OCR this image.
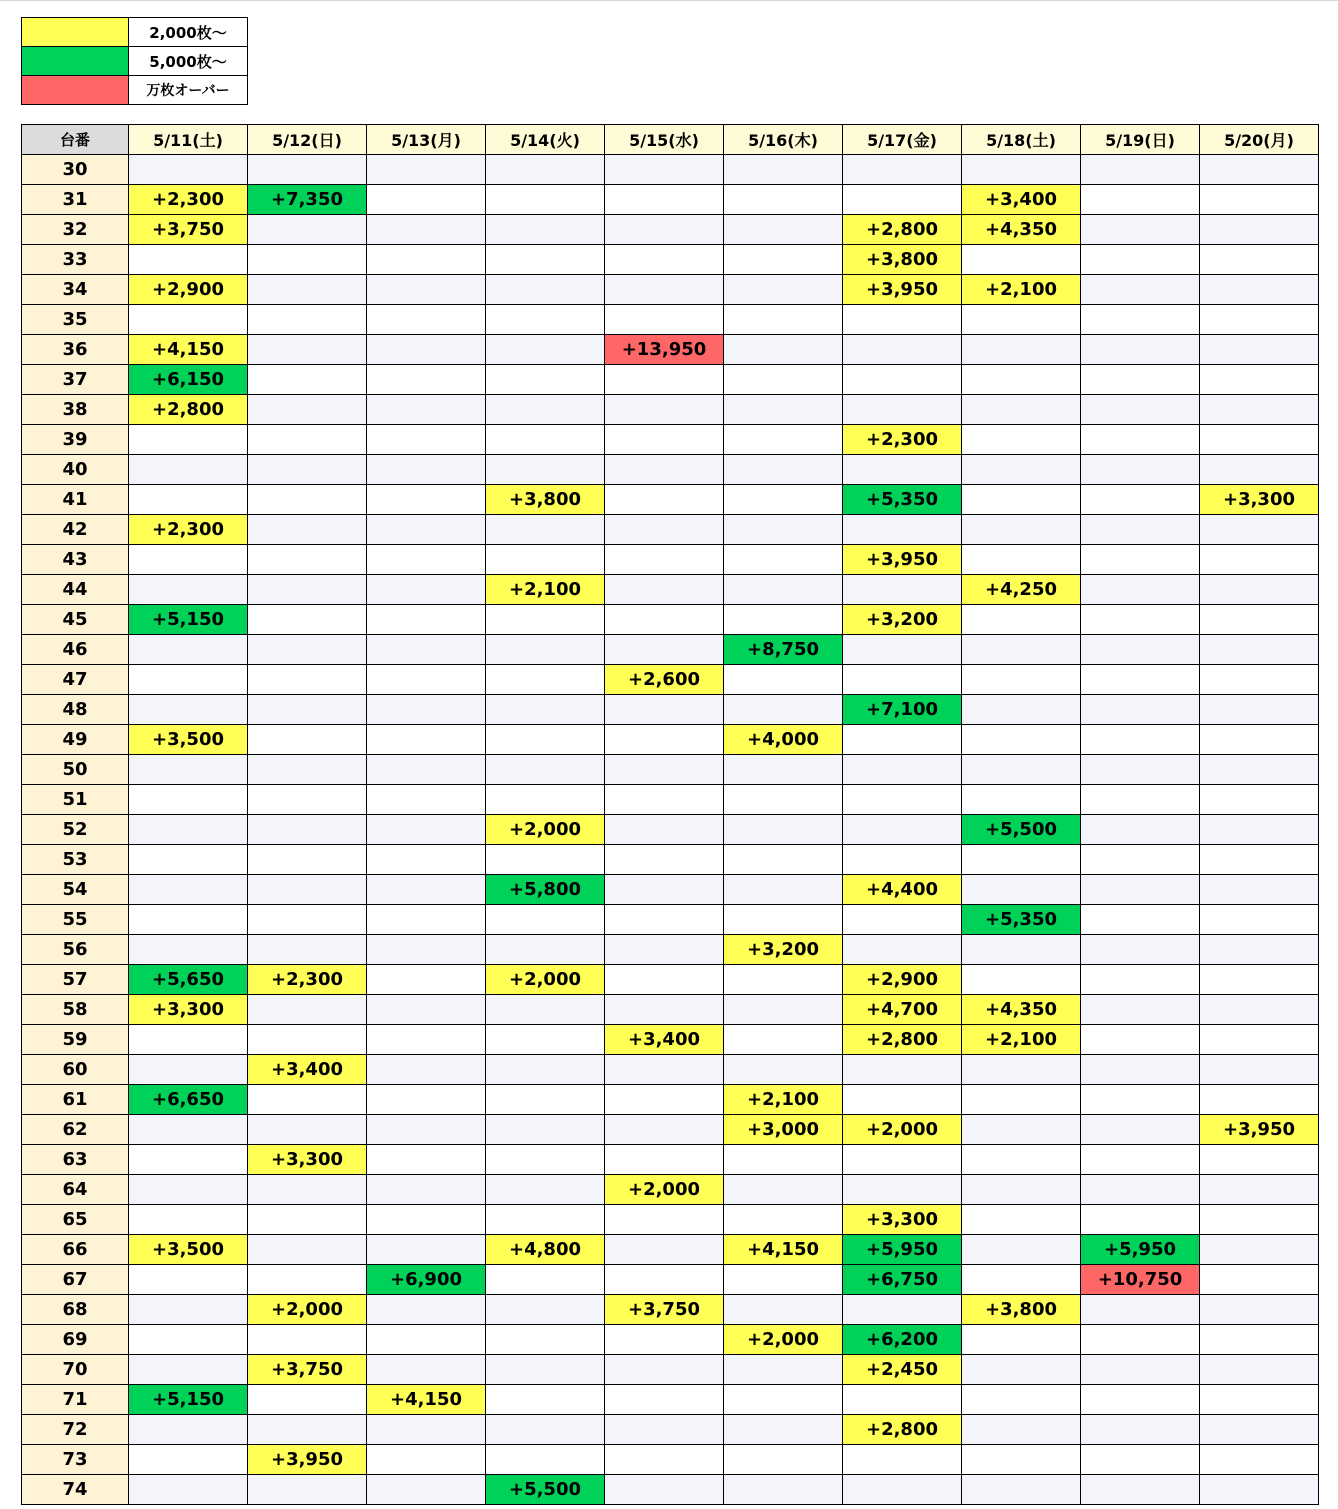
	2,000枚～
	5,000枚～
	万枚オーバー
台番	5/11(土)	5/12(日)	5/13(月)	5/14(火)	5/15(水)	5/16(木)	5/17(金)	5/18(土)	5/19(日)	5/20(月)
30										
31	+2,300	+7,350						+3,400		
32	+3,750						+2,800	+4,350		
33							+3,800			
34	+2,900						+3,950	+2,100		
35										
36	+4,150				+13,950					
37	+6,150									
38	+2,800									
39							+2,300			
40										
41				+3,800			+5,350			+3,300
42	+2,300									
43							+3,950			
44				+2,100				+4,250		
45	+5,150						+3,200			
46						+8,750				
47					+2,600					
48							+7,100			
49	+3,500					+4,000				
50										
51										
52				+2,000				+5,500		
53										
54				+5,800			+4,400			
55								+5,350		
56						+3,200				
57	+5,650	+2,300		+2,000			+2,900			
58	+3,300						+4,700	+4,350		
59					+3,400		+2,800	+2,100		
60		+3,400								
61	+6,650					+2,100				
62						+3,000	+2,000			+3,950
63		+3,300								
64					+2,000					
65							+3,300			
66	+3,500			+4,800		+4,150	+5,950		+5,950	
67			+6,900				+6,750		+10,750	
68		+2,000			+3,750			+3,800		
69						+2,000	+6,200			
70		+3,750					+2,450			
71	+5,150		+4,150							
72							+2,800			
73		+3,950								
74				+5,500						
